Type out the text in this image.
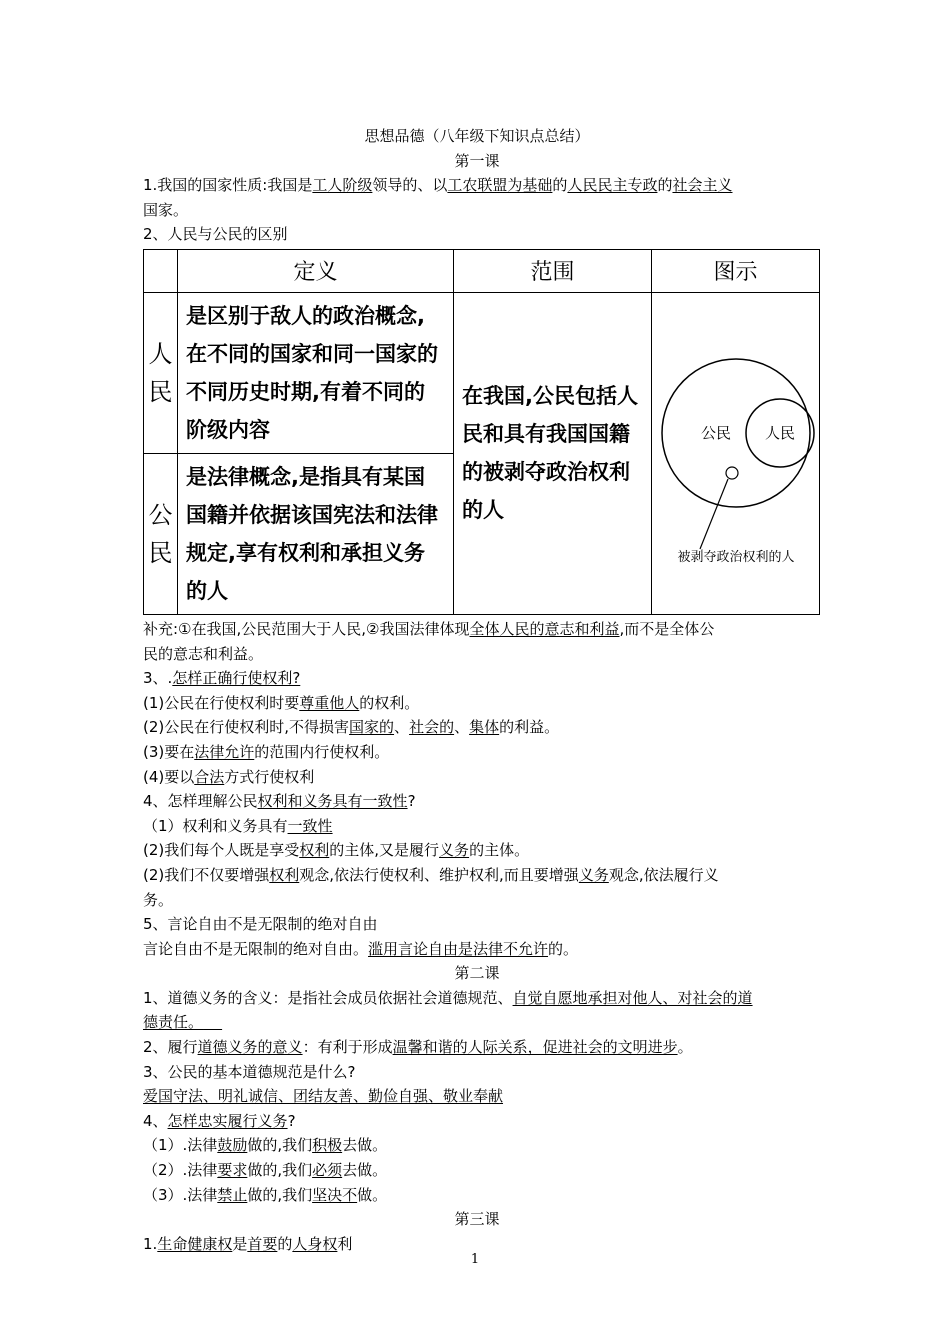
思想品德（八年级下知识点总结）
第一课
1.我国的国家性质:我国是工人阶级领导的、以工农联盟为基础的人民民主专政的社会主义
国家。
2、人民与公民的区别
	定义	范围	图示
人民	是区别于敌人的政治概念,在不同的国家和同一国家的不同历史时期,有着不同的阶级内容	在我国,公民包括人民和具有我国国籍的被剥夺政治权利的人	公民 人民
被剥夺政治权利的人

公民	是法律概念,是指具有某国国籍并依据该国宪法和法律规定,享有权利和承担义务的人		
补充:①在我国,公民范围大于人民,②我国法律体现全体人民的意志和利益,而不是全体公
民的意志和利益。
3、.怎样正确行使权利?
(1)公民在行使权利时要尊重他人的权利。
(2)公民在行使权利时,不得损害国家的、社会的、集体的利益。
(3)要在法律允许的范围内行使权利。
(4)要以合法方式行使权利
4、怎样理解公民权利和义务具有一致性?
（1）权利和义务具有一致性
(2)我们每个人既是享受权利的主体,又是履行义务的主体。
(2)我们不仅要增强权利观念,依法行使权利、维护权利,而且要增强义务观念,依法履行义
务。
5、言论自由不是无限制的绝对自由
言论自由不是无限制的绝对自由。滥用言论自由是法律不允许的。
第二课
1、道德义务的含义：是指社会成员依据社会道德规范、自觉自愿地承担对他人、对社会的道
德责任。
2、履行道德义务的意义：有利于形成温馨和谐的人际关系，促进社会的文明进步。
3、公民的基本道德规范是什么?
爱国守法、明礼诚信、团结友善、勤俭自强、敬业奉献
4、怎样忠实履行义务?
（1）.法律鼓励做的,我们积极去做。
（2）.法律要求做的,我们必须去做。
（3）.法律禁止做的,我们坚决不做。
第三课
1.生命健康权是首要的人身权利
1
